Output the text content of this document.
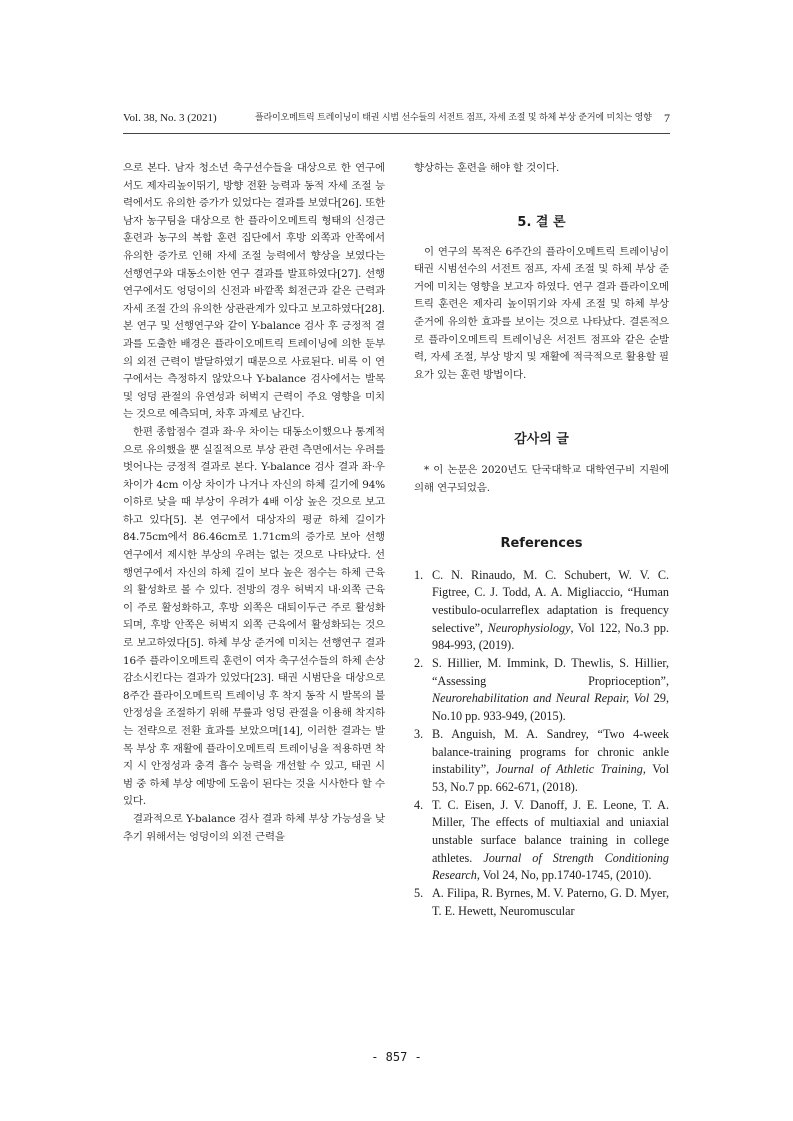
Vol. 38, No. 3 (2021)	플라이오메트릭 트레이닝이 태권 시범 선수들의 서전트 점프, 자세 조절 및 하체 부상 준거에 미치는 영향 7

으로 본다. 남자 청소년 축구선수들을 대상으로 한 연구에서도 제자리높이뛰기, 방향 전환 능력과 동적 자세 조절 능력에서도 유의한 증가가 있었다는 결과를 보였다[26]. 또한 남자 농구팀을 대상으로 한 플라이오메트릭 형태의 신경근 훈련과 농구의 복합 훈련 집단에서 후방 외쪽과 안쪽에서 유의한 증가로 인해 자세 조절 능력에서 향상을 보였다는 선행연구와 대동소이한 연구 결과를 발표하였다[27]. 선행연구에서도 엉덩이의 신전과 바깥쪽 회전근과 같은 근력과 자세 조절 간의 유의한 상관관계가 있다고 보고하였다[28]. 본 연구 및 선행연구와 같이 Y-balance 검사 후 긍정적 결과를 도출한 배경은 플라이오메트릭 트레이닝에 의한 둔부의 외전 근력이 발달하였기 때문으로 사료된다. 비록 이 연구에서는 측정하지 않았으나 Y-balance 검사에서는 발목 및 엉덩 관절의 유연성과 허벅지 근력이 주요 영향을 미치는 것으로 예측되며, 차후 과제로 남긴다.

한편 종합점수 결과 좌·우 차이는 대동소이했으나 통계적으로 유의했을 뿐 실질적으로 부상 관련 측면에서는 우려를 벗어나는 긍정적 결과로 본다. Y-balance 검사 결과 좌·우 차이가 4cm 이상 차이가 나거나 자신의 하체 길기에 94% 이하로 낮을 때 부상이 우려가 4배 이상 높은 것으로 보고하고 있다[5]. 본 연구에서 대상자의 평균 하체 길이가 84.75cm에서 86.46cm로 1.71cm의 증가로 보아 선행연구에서 제시한 부상의 우려는 없는 것으로 나타났다. 선행연구에서 자신의 하체 길이 보다 높은 점수는 하체 근육의 활성화로 볼 수 있다. 전방의 경우 허벅지 내·외쪽 근육이 주로 활성화하고, 후방 외쪽은 대퇴이두근 주로 활성화되며, 후방 안쪽은 허벅지 외쪽 근육에서 활성화되는 것으로 보고하였다[5]. 하체 부상 준거에 미치는 선행연구 결과 16주 플라이오메트릭 훈련이 여자 축구선수들의 하체 손상 감소시킨다는 결과가 있었다[23]. 태권 시범단을 대상으로 8주간 플라이오메트릭 트레이닝 후 착지 동작 시 발목의 불안정성을 조절하기 위해 무릎과 엉덩 관절을 이용해 착지하는 전략으로 전환 효과를 보았으며[14], 이러한 결과는 발목 부상 후 재활에 플라이오메트릭 트레이닝을 적용하면 착지 시 안정성과 충격 흡수 능력을 개선할 수 있고, 태권 시범 중 하체 부상 예방에 도움이 된다는 것을 시사한다 할 수 있다.

결과적으로 Y-balance 검사 결과 하체 부상 가능성을 낮추기 위해서는 엉덩이의 외전 근력을

향상하는 훈련을 해야 할 것이다.

5. 결 론

이 연구의 목적은 6주간의 플라이오메트릭 트레이닝이 태권 시범선수의 서전트 점프, 자세 조절 및 하체 부상 준거에 미치는 영향을 보고자 하였다. 연구 결과 플라이오메트릭 훈련은 제자리 높이뛰기와 자세 조절 및 하체 부상 준거에 유의한 효과를 보이는 것으로 나타났다. 결론적으로 플라이오메트릭 트레이닝은 서전트 점프와 같은 순발력, 자세 조절, 부상 방지 및 재활에 적극적으로 활용할 필요가 있는 훈련 방법이다.

감사의 글

* 이 논문은 2020년도 단국대학교 대학연구비 지원에 의해 연구되었음.

References
1. C. N. Rinaudo, M. C. Schubert, W. V. C. Figtree, C. J. Todd, A. A. Migliaccio, “Human vestibulo-ocularreflex adaptation is frequency selective”, Neurophysiology, Vol 122, No.3 pp. 984-993, (2019).
2. S. Hillier, M. Immink, D. Thewlis, S. Hillier, “Assessing Proprioception”, Neurorehabilitation and Neural Repair, Vol 29, No.10 pp. 933-949, (2015).
3. B. Anguish, M. A. Sandrey, “Two 4-week balance-training programs for chronic ankle instability”, Journal of Athletic Training, Vol 53, No.7 pp. 662-671, (2018).
4. T. C. Eisen, J. V. Danoff, J. E. Leone, T. A. Miller, The effects of multiaxial and uniaxial unstable surface balance training in college athletes. Journal of Strength Conditioning Research, Vol 24, No, pp.1740-1745, (2010).
5. A. Filipa, R. Byrnes, M. V. Paterno, G. D. Myer, T. E. Hewett, Neuromuscular
- 857 -
